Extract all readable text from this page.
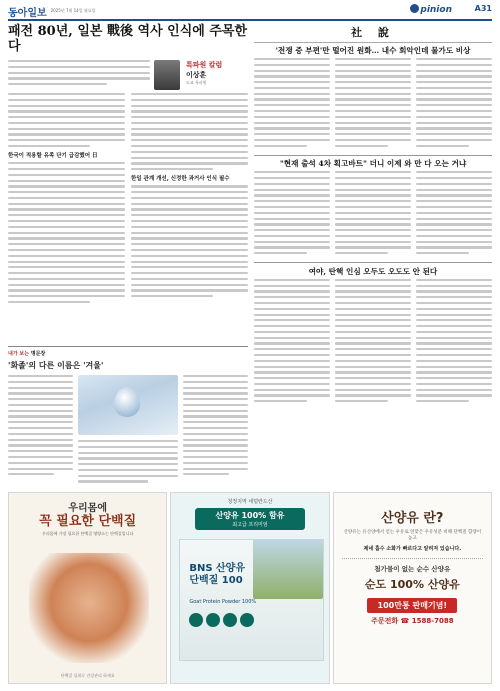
동아일보 2025년 7월 14일 월요일	pinion	A31
패전 80년, 일본 戰後 역사 인식에 주목한다
특파원 칼럼
이상훈
도쿄 특파원
한국이 적용할 유족 단기 급감했어 日
한일 관계 개선, 신정한 과거사 인식 필수
내가 보는 명문장
'화졸'의 다른 이름은 '겨울'
社 說
'전쟁 중 부편'만 떨어진 원화… 내수 회악인데 물가도 비상
"현재 출석 4차 획고바트" 더니 이제 와 만 다 오는 거냐
여야, 탄핵 인심 오두도 오도도 안 된다
우리몸에
꼭 필요한 단백질
우리몸에 가장 필요한 단백질 영양소는 단백질입니다
단백질 섭취로 건강관리 하세요
청정지역 네덜란드산
산양유 100% 함유
최고급 프리미엄
BNS 산양유
단백질 100
Goat Protein Powder 100%
산양유 란?
산양유는 유산양에서 얻는 우유로 알맞은 우유성분 비해 단백질 함량이 높고
제네 흡수 소화가 빠르다고 알려져 있습니다.
첨가물이 없는 순수 산양유
순도 100% 산양유
100만통 판매기념!
주문전화 ☎ 1588-7088
